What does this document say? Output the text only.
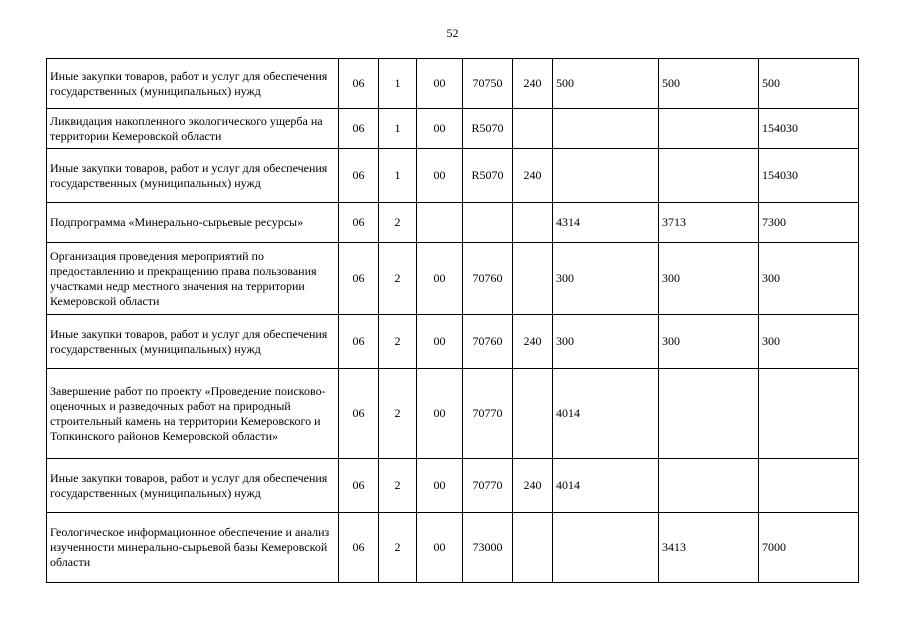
52
Иные закупки товаров, работ и услуг для обеспечения государственных (муниципальных) нужд	06	1	00	70750	240	500	500	500
Ликвидация накопленного экологического ущерба на территории Кемеровской области	06	1	00	R5070				154030
Иные закупки товаров, работ и услуг для обеспечения государственных (муниципальных) нужд	06	1	00	R5070	240			154030
Подпрограмма «Минерально-сырьевые ресурсы»	06	2				4314	3713	7300
Организация проведения мероприятий по предоставлению и прекращению права пользования участками недр местного значения на территории Кемеровской области	06	2	00	70760		300	300	300
Иные закупки товаров, работ и услуг для обеспечения государственных (муниципальных) нужд	06	2	00	70760	240	300	300	300
Завершение работ по проекту «Проведение поисково-оценочных и разведочных работ на природный строительный камень на территории Кемеровского и Топкинского районов Кемеровской области»	06	2	00	70770		4014		
Иные закупки товаров, работ и услуг для обеспечения государственных (муниципальных) нужд	06	2	00	70770	240	4014		
Геологическое информационное обеспечение и анализ изученности минерально-сырьевой базы Кемеровской области	06	2	00	73000			3413	7000
